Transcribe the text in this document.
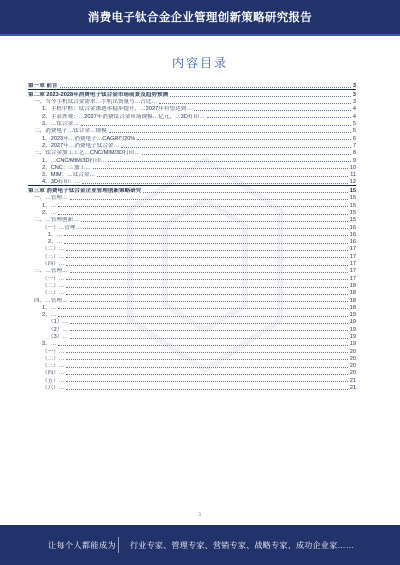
消费电子钛合金企业管理创新策略研究报告
内容目录
第一章 前言	3
第二章 2023-2028年消费电子钛合金市场前景及趋势预测	3
一、当今手机钛合金需求…手机出货量与…占比…	3
1、手机中框：钛合金渗透率稳步提升，…2027年有望达到…	4
2、手表外观：…2027年消费钛合金市场规模…亿元，…3D打印…	4
3、…钛合金…	5
二、消费电子…钛合金…规模	5
1、2023年…消费电子…CAGR约20%	6
2、2027年…消费电子钛合金…	7
三、钛合金加工工艺…CNC/MIM/3D打印…	8
1、…CNC/MIM/3D打印…	9
2、CNC：…加工…	10
3、MIM：…钛合金…	11
4、3D打印：…	12
第三章 消费电子钛合金企业管理创新策略研究	15
一、…管理…	15
1、…	15
2、…	15
二、…管理创新…	15
（一）…管理…	16
1、…	16
2、…	16
（二）…	17
（三）…	17
（四）…	17
三、…管理…	17
（一）…	17
（二）…	18
（三）…	18
四、…管理…	18
1、…	18
2、…	19
（1）…	19
（2）…	19
（3）…	19
3、…	19
（一）…	20
（二）…	20
（三）…	20
（四）…	20
（五）…	21
（六）…	21
1
让每个人都能成为 行业专家、管理专家、营销专家、战略专家、成功企业家……
